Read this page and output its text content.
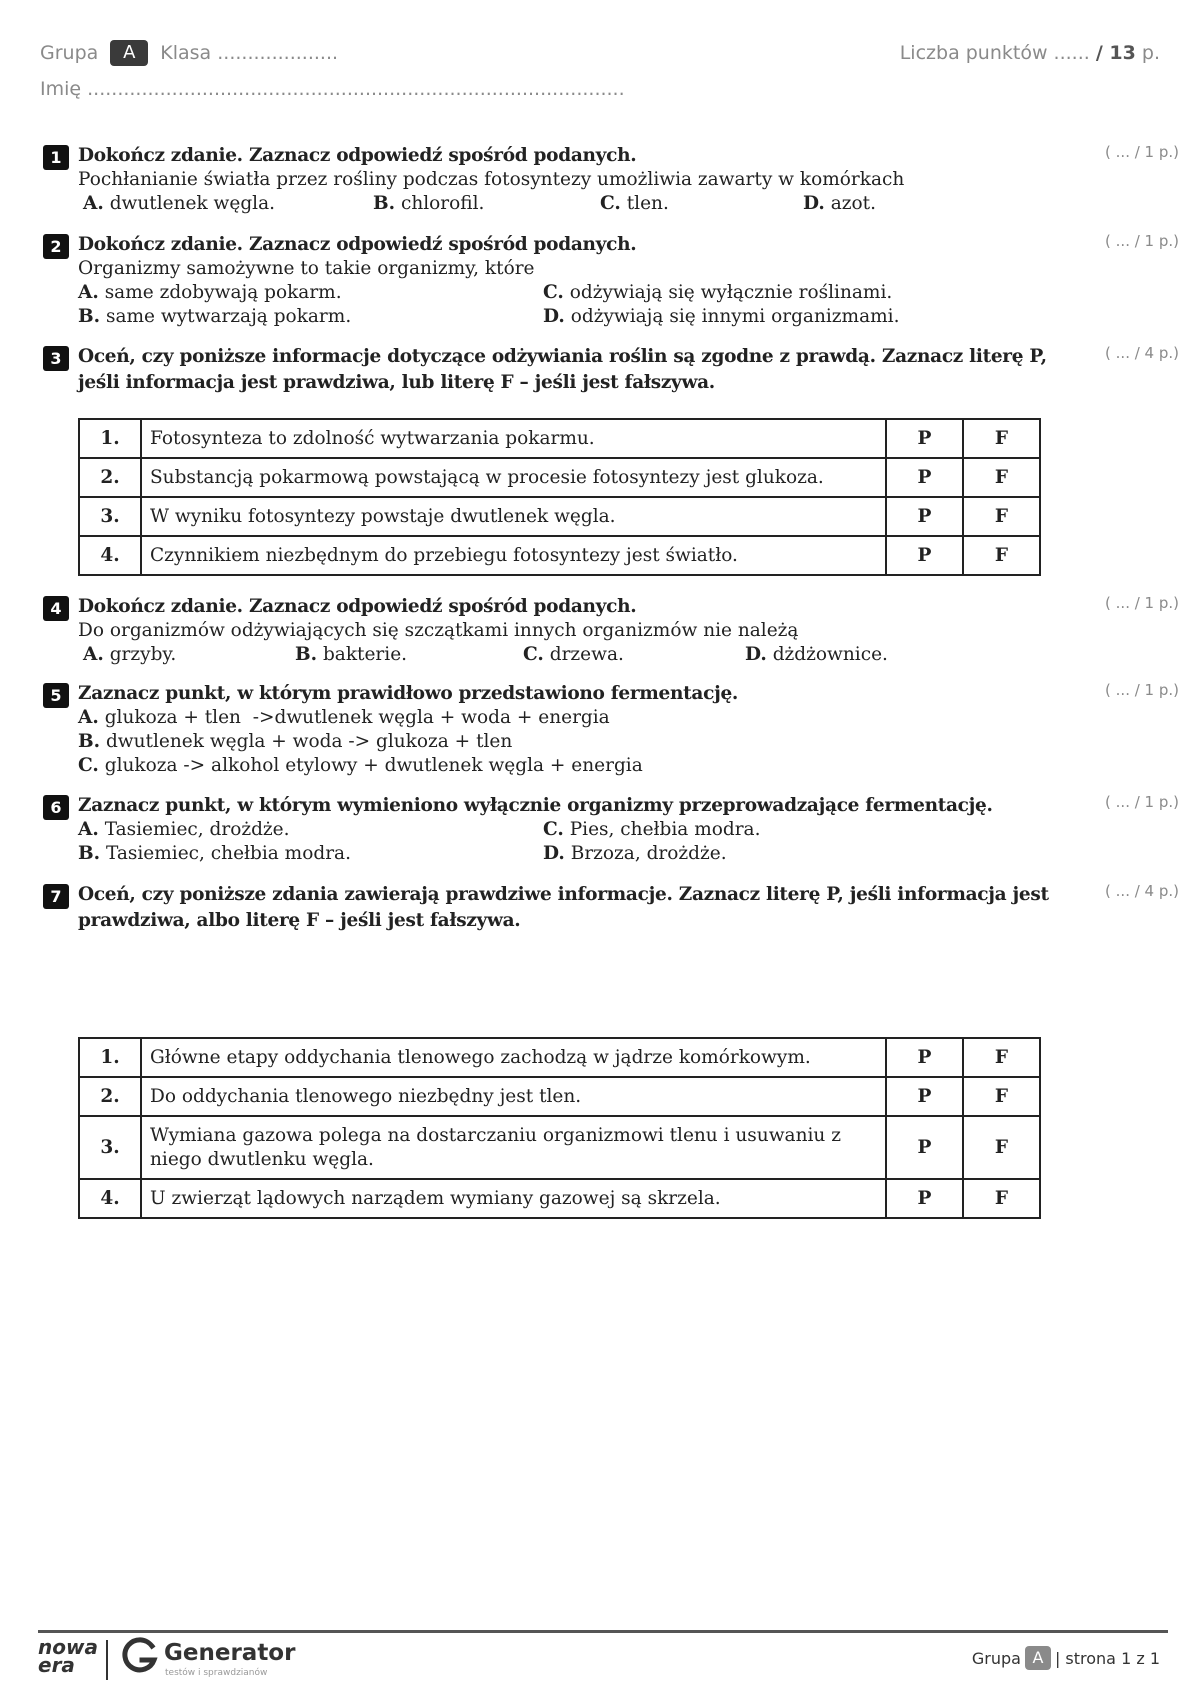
Grupa	A	Klasa ....................
Imię .........................................................................................
Liczba punktów ...... / 13 p.
1 Dokończ zdanie. Zaznacz odpowiedź spośród podanych.	( ... / 1 p.)
Pochłanianie światła przez rośliny podczas fotosyntezy umożliwia zawarty w komórkach
A. dwutlenek węgla.	B. chlorofil.	C. tlen.	D. azot.
2 Dokończ zdanie. Zaznacz odpowiedź spośród podanych.	( ... / 1 p.)
Organizmy samożywne to takie organizmy, które
A. same zdobywają pokarm.
B. same wytwarzają pokarm.
C. odżywiają się wyłącznie roślinami.
D. odżywiają się innymi organizmami.
3 Oceń, czy poniższe informacje dotyczące odżywiania roślin są zgodne z prawdą. Zaznacz literę P, jeśli informacja jest prawdziwa, lub literę F – jeśli jest fałszywa.
( ... / 4 p.)
1.	Fotosynteza to zdolność wytwarzania pokarmu.	P	F
2.	Substancją pokarmową powstającą w procesie fotosyntezy jest glukoza.	P	F
3.	W wyniku fotosyntezy powstaje dwutlenek węgla.	P	F
4.	Czynnikiem niezbędnym do przebiegu fotosyntezy jest światło.	P	F
4 Dokończ zdanie. Zaznacz odpowiedź spośród podanych.	( ... / 1 p.)
Do organizmów odżywiających się szczątkami innych organizmów nie należą
A. grzyby.	B. bakterie.	C. drzewa.	D. dżdżownice.
5 Zaznacz punkt, w którym prawidłowo przedstawiono fermentację.	( ... / 1 p.)
A. glukoza + tlen  ->dwutlenek węgla + woda + energia
B. dwutlenek węgla + woda -> glukoza + tlen
C. glukoza -> alkohol etylowy + dwutlenek węgla + energia
6 Zaznacz punkt, w którym wymieniono wyłącznie organizmy przeprowadzające fermentację.	( ... / 1 p.)
A. Tasiemiec, drożdże.
B. Tasiemiec, chełbia modra.
C. Pies, chełbia modra.
D. Brzoza, drożdże.
7 Oceń, czy poniższe zdania zawierają prawdziwe informacje. Zaznacz literę P, jeśli informacja jest prawdziwa, albo literę F – jeśli jest fałszywa.
( ... / 4 p.)
1.	Główne etapy oddychania tlenowego zachodzą w jądrze komórkowym.	P	F
2.	Do oddychania tlenowego niezbędny jest tlen.	P	F
3.	Wymiana gazowa polega na dostarczaniu organizmowi tlenu i usuwaniu z niego dwutlenku węgla.	P	F
4.	U zwierząt lądowych narządem wymiany gazowej są skrzela.	P	F
nowa
era	Generator
testów i sprawdzianów
Grupa A | strona 1 z 1
